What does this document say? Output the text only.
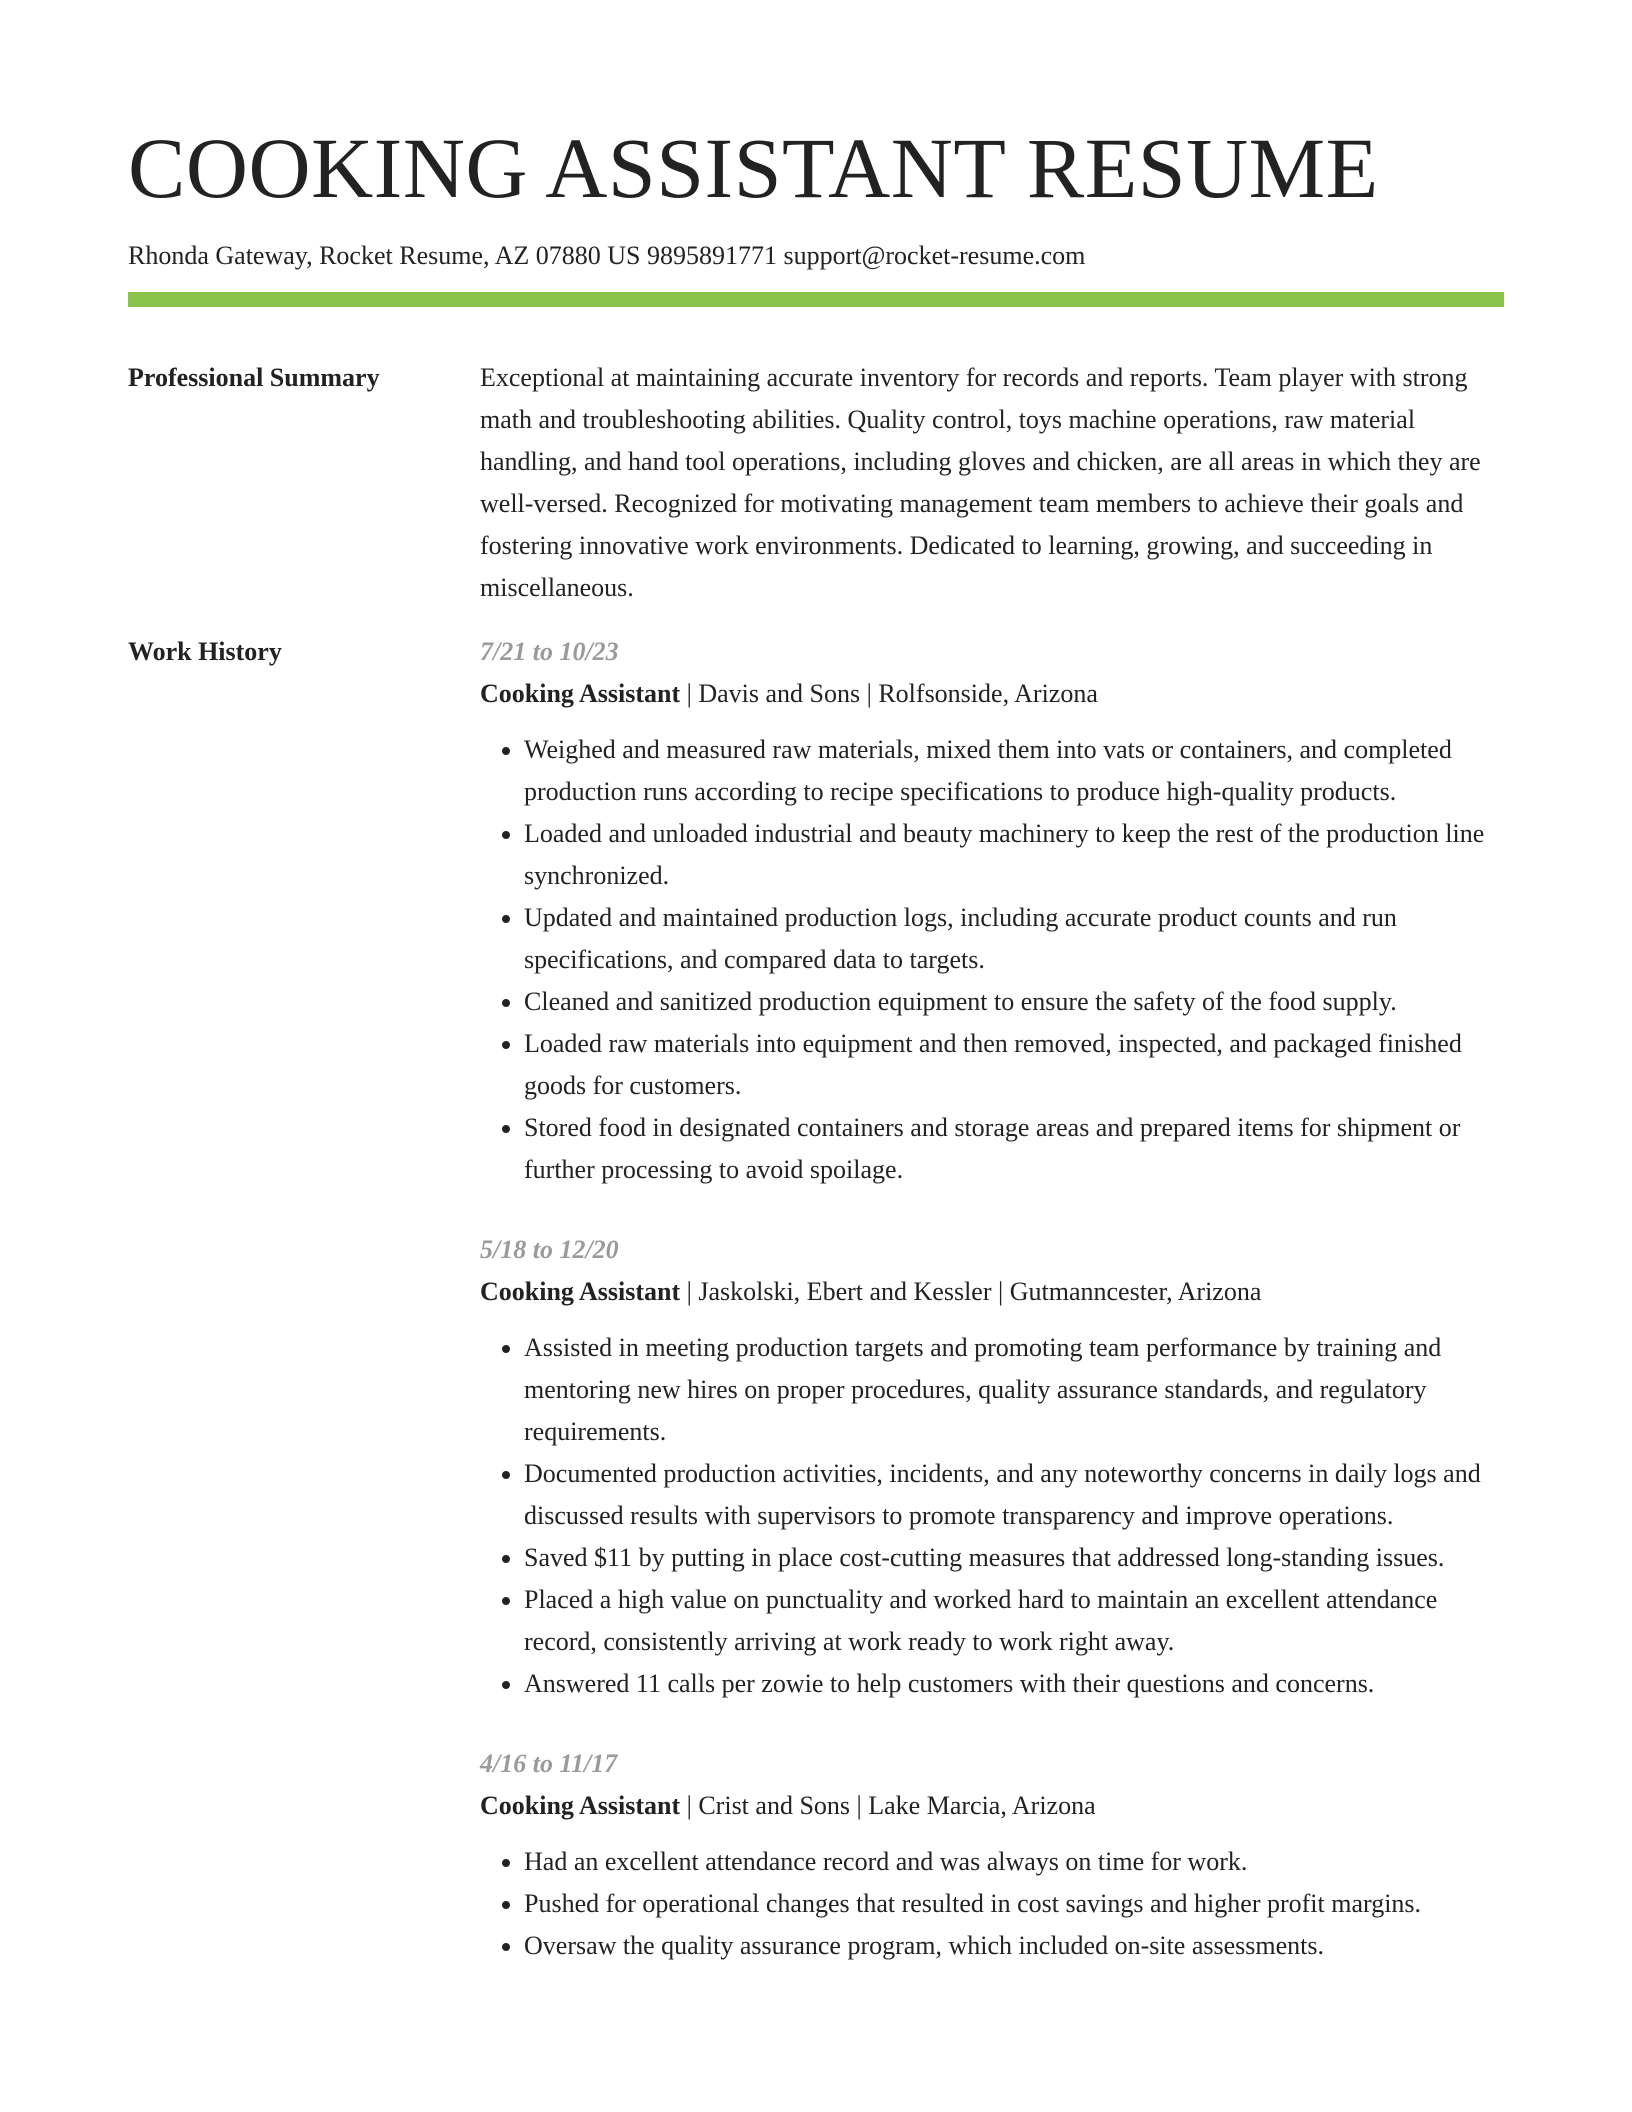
COOKING ASSISTANT RESUME
Rhonda Gateway, Rocket Resume, AZ 07880 US 9895891771 support@rocket-resume.com
Professional Summary	Exceptional at maintaining accurate inventory for records and reports. Team player with strong math and troubleshooting abilities. Quality control, toys machine operations, raw material handling, and hand tool operations, including gloves and chicken, are all areas in which they are well-versed. Recognized for motivating management team members to achieve their goals and fostering innovative work environments. Dedicated to learning, growing, and succeeding in miscellaneous.

Work History	7/21 to 10/23
Cooking Assistant | Davis and Sons | Rolfsonside, Arizona
• Weighed and measured raw materials, mixed them into vats or containers, and completed production runs according to recipe specifications to produce high-quality products.
• Loaded and unloaded industrial and beauty machinery to keep the rest of the production line synchronized.
• Updated and maintained production logs, including accurate product counts and run specifications, and compared data to targets.
• Cleaned and sanitized production equipment to ensure the safety of the food supply.
• Loaded raw materials into equipment and then removed, inspected, and packaged finished goods for customers.
• Stored food in designated containers and storage areas and prepared items for shipment or further processing to avoid spoilage.
5/18 to 12/20
Cooking Assistant | Jaskolski, Ebert and Kessler | Gutmanncester, Arizona
• Assisted in meeting production targets and promoting team performance by training and mentoring new hires on proper procedures, quality assurance standards, and regulatory requirements.
• Documented production activities, incidents, and any noteworthy concerns in daily logs and discussed results with supervisors to promote transparency and improve operations.
• Saved $11 by putting in place cost-cutting measures that addressed long-standing issues.
• Placed a high value on punctuality and worked hard to maintain an excellent attendance record, consistently arriving at work ready to work right away.
• Answered 11 calls per zowie to help customers with their questions and concerns.
4/16 to 11/17
Cooking Assistant | Crist and Sons | Lake Marcia, Arizona
• Had an excellent attendance record and was always on time for work.
• Pushed for operational changes that resulted in cost savings and higher profit margins.
• Oversaw the quality assurance program, which included on-site assessments.
